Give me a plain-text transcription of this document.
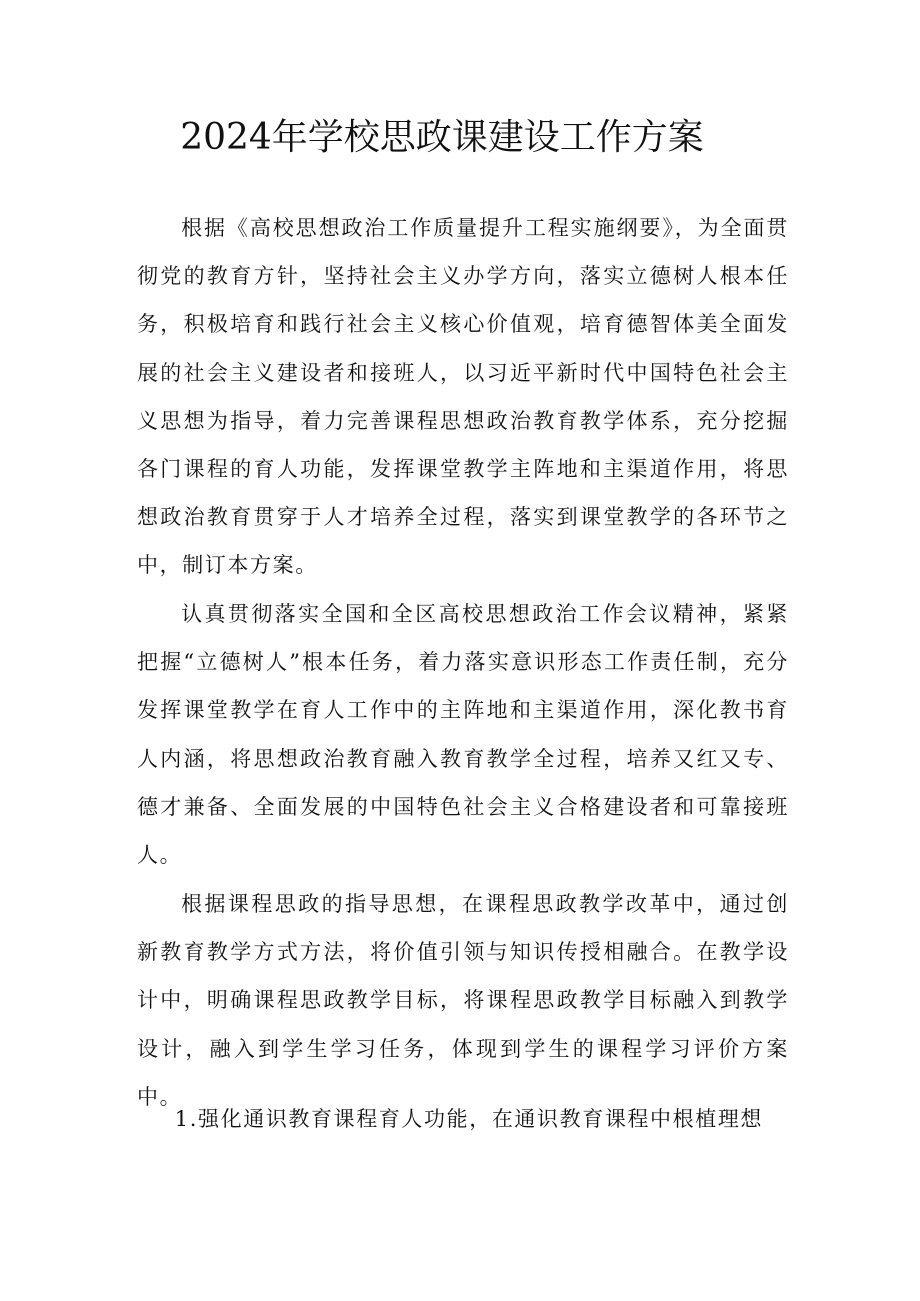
2024年学校思政课建设工作方案

根据《高校思想政治工作质量提升工程实施纲要》，为全面贯彻党的教育方针，坚持社会主义办学方向，落实立德树人根本任务，积极培育和践行社会主义核心价值观，培育德智体美全面发展的社会主义建设者和接班人，以习近平新时代中国特色社会主义思想为指导，着力完善课程思想政治教育教学体系，充分挖掘各门课程的育人功能，发挥课堂教学主阵地和主渠道作用，将思想政治教育贯穿于人才培养全过程，落实到课堂教学的各环节之中，制订本方案。

认真贯彻落实全国和全区高校思想政治工作会议精神，紧紧把握“立德树人”根本任务，着力落实意识形态工作责任制，充分发挥课堂教学在育人工作中的主阵地和主渠道作用，深化教书育人内涵，将思想政治教育融入教育教学全过程，培养又红又专、德才兼备、全面发展的中国特色社会主义合格建设者和可靠接班人。

根据课程思政的指导思想，在课程思政教学改革中，通过创新教育教学方式方法，将价值引领与知识传授相融合。在教学设计中，明确课程思政教学目标，将课程思政教学目标融入到教学设计，融入到学生学习任务，体现到学生的课程学习评价方案中。

1.强化通识教育课程育人功能，在通识教育课程中根植理想
